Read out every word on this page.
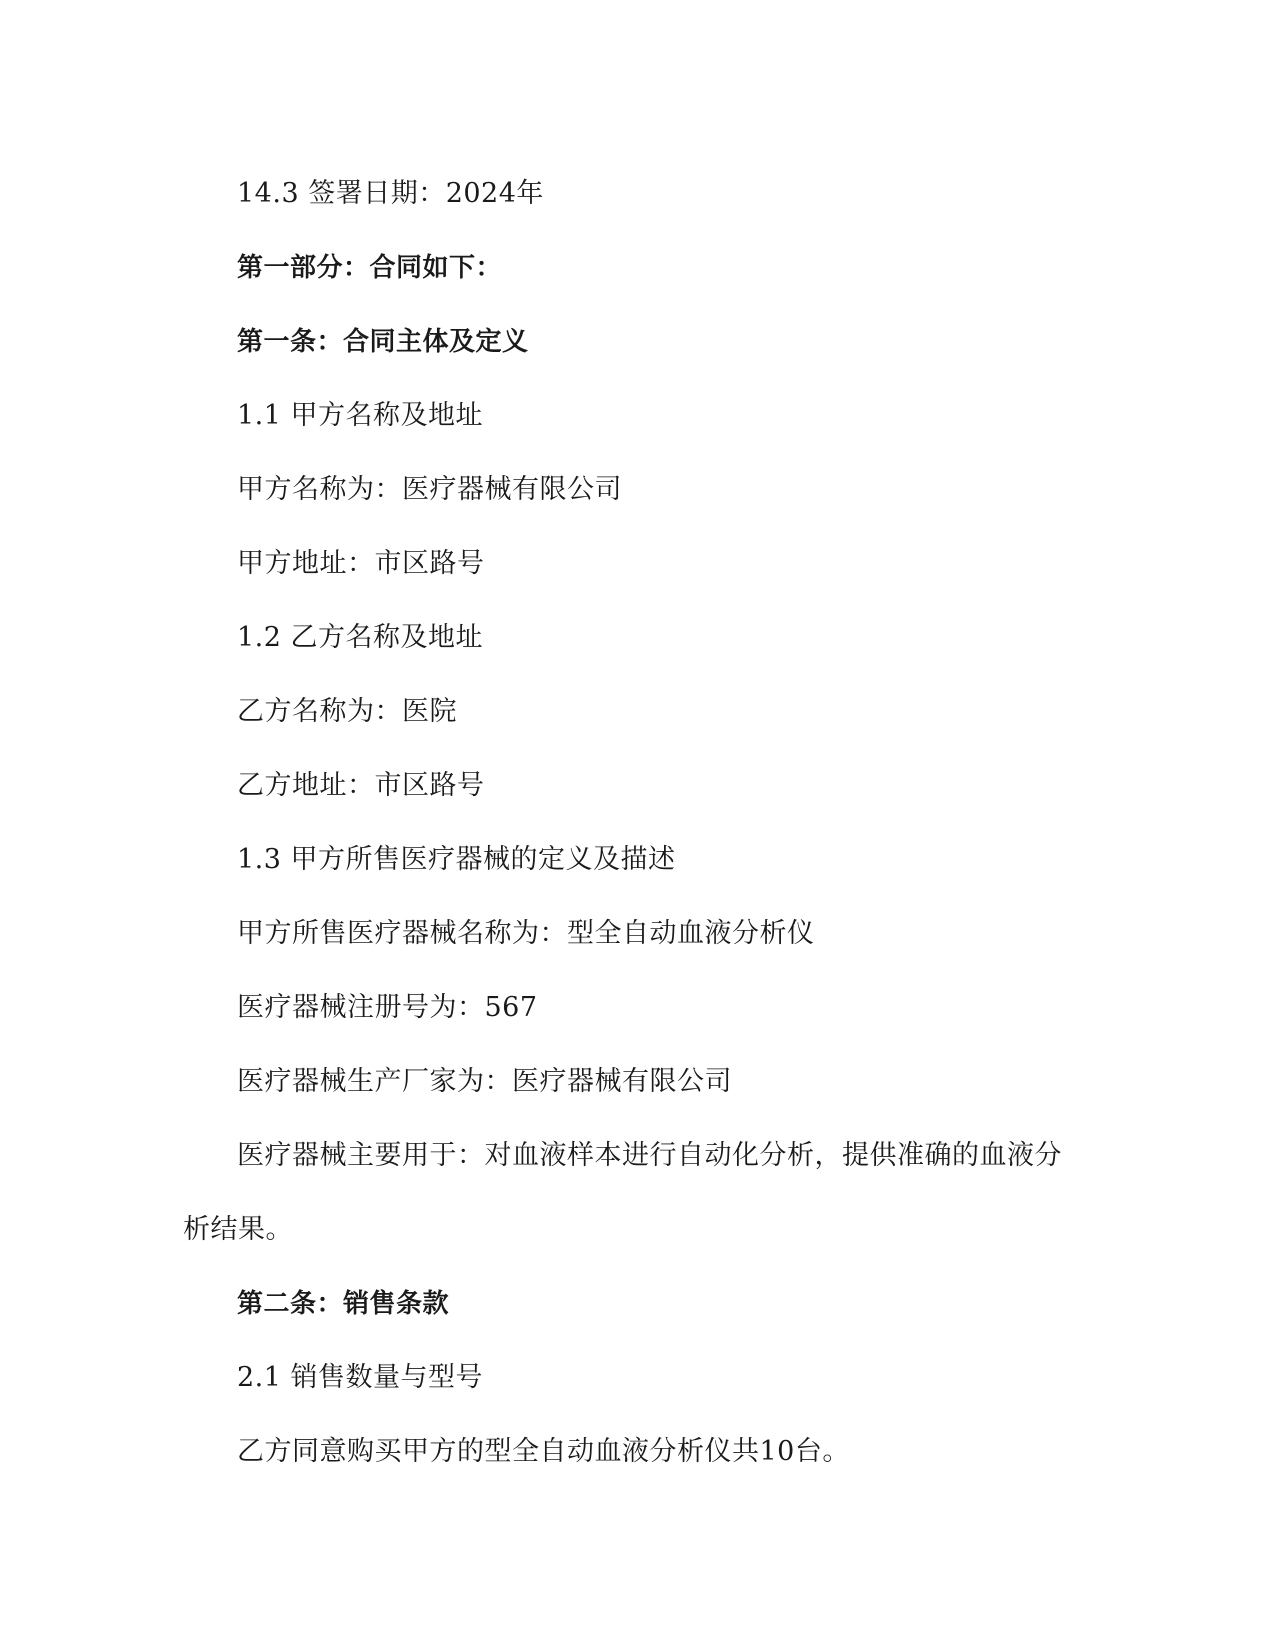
14.3 签署日期：2024年

第一部分：合同如下：

第一条：合同主体及定义

1.1 甲方名称及地址

甲方名称为：医疗器械有限公司

甲方地址：市区路号

1.2 乙方名称及地址

乙方名称为：医院

乙方地址：市区路号

1.3 甲方所售医疗器械的定义及描述

甲方所售医疗器械名称为：型全自动血液分析仪

医疗器械注册号为：567

医疗器械生产厂家为：医疗器械有限公司

医疗器械主要用于：对血液样本进行自动化分析，提供准确的血液分析结果。

第二条：销售条款

2.1 销售数量与型号

乙方同意购买甲方的型全自动血液分析仪共10台。
